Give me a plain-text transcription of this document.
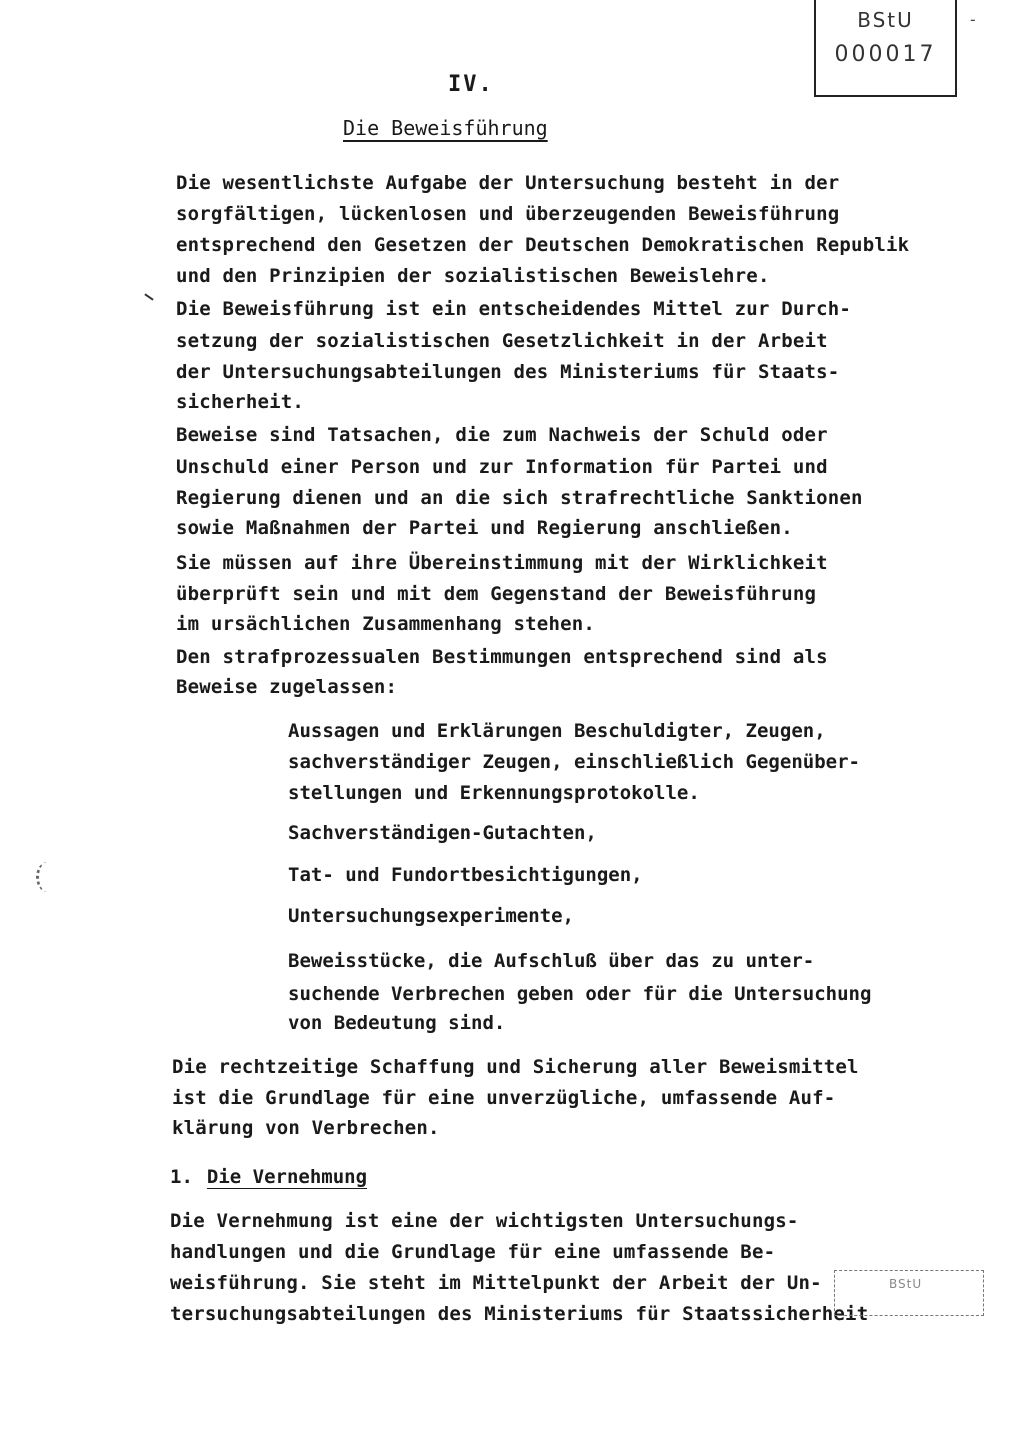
BStU
000017
-
IV.
Die Beweisführung
Die wesentlichste Aufgabe der Untersuchung besteht in der
sorgfältigen, lückenlosen und überzeugenden Beweisführung
entsprechend den Gesetzen der Deutschen Demokratischen Republik
und den Prinzipien der sozialistischen Beweislehre.
Die Beweisführung ist ein entscheidendes Mittel zur Durch-
setzung der sozialistischen Gesetzlichkeit in der Arbeit
der Untersuchungsabteilungen des Ministeriums für Staats-
sicherheit.
Beweise sind Tatsachen, die zum Nachweis der Schuld oder
Unschuld einer Person und zur Information für Partei und
Regierung dienen und an die sich strafrechtliche Sanktionen
sowie Maßnahmen der Partei und Regierung anschließen.
Sie müssen auf ihre Übereinstimmung mit der Wirklichkeit
überprüft sein und mit dem Gegenstand der Beweisführung
im ursächlichen Zusammenhang stehen.
Den strafprozessualen Bestimmungen entsprechend sind als
Beweise zugelassen:
Aussagen und Erklärungen Beschuldigter, Zeugen,
sachverständiger Zeugen, einschließlich Gegenüber-
stellungen und Erkennungsprotokolle.
Sachverständigen-Gutachten,
Tat- und Fundortbesichtigungen,
Untersuchungsexperimente,
Beweisstücke, die Aufschluß über das zu unter-
suchende Verbrechen geben oder für die Untersuchung
von Bedeutung sind.
Die rechtzeitige Schaffung und Sicherung aller Beweismittel
ist die Grundlage für eine unverzügliche, umfassende Auf-
klärung von Verbrechen.
1. Die Vernehmung
Die Vernehmung ist eine der wichtigsten Untersuchungs-
handlungen und die Grundlage für eine umfassende Be-
weisführung. Sie steht im Mittelpunkt der Arbeit der Un-
tersuchungsabteilungen des Ministeriums für Staatssicherheit
BStU
